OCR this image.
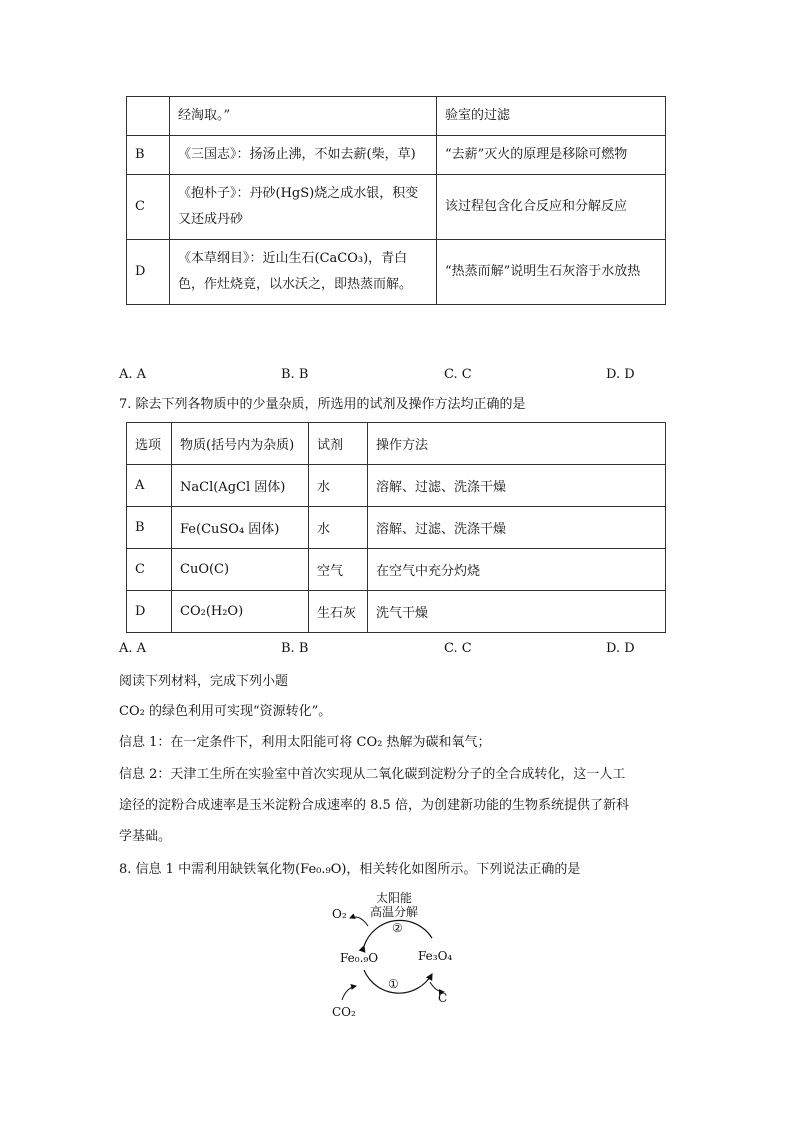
	经淘取。”	验室的过滤
B	《三国志》：扬汤止沸，不如去薪(柴，草)	“去薪”灭火的原理是移除可燃物
C	《抱朴子》：丹砂(HgS)烧之成水银，积变又还成丹砂	该过程包含化合反应和分解反应
D	《本草纲目》：近山生石(CaCO₃)，青白色，作灶烧竟，以水沃之，即热蒸而解。	“热蒸而解”说明生石灰溶于水放热
A. A	B. B	C. C	D. D
7. 除去下列各物质中的少量杂质，所选用的试剂及操作方法均正确的是
选项	物质(括号内为杂质)	试剂	操作方法
A	NaCl(AgCl 固体)	水	溶解、过滤、洗涤干燥
B	Fe(CuSO₄ 固体)	水	溶解、过滤、洗涤干燥
C	CuO(C)	空气	在空气中充分灼烧
D	CO₂(H₂O)	生石灰	洗气干燥
A. A	B. B	C. C	D. D
阅读下列材料，完成下列小题
CO₂ 的绿色利用可实现“资源转化”。
信息 1：在一定条件下，利用太阳能可将 CO₂ 热解为碳和氧气；
信息 2：天津工生所在实验室中首次实现从二氧化碳到淀粉分子的全合成转化，这一人工
途径的淀粉合成速率是玉米淀粉合成速率的 8.5 倍，为创建新功能的生物系统提供了新科
学基础。
8. 信息 1 中需利用缺铁氧化物(Fe₀.₉O)，相关转化如图所示。下列说法正确的是
太阳能
高温分解
②
①
O₂
Fe₀.₉O	Fe₃O₄
C
CO₂
